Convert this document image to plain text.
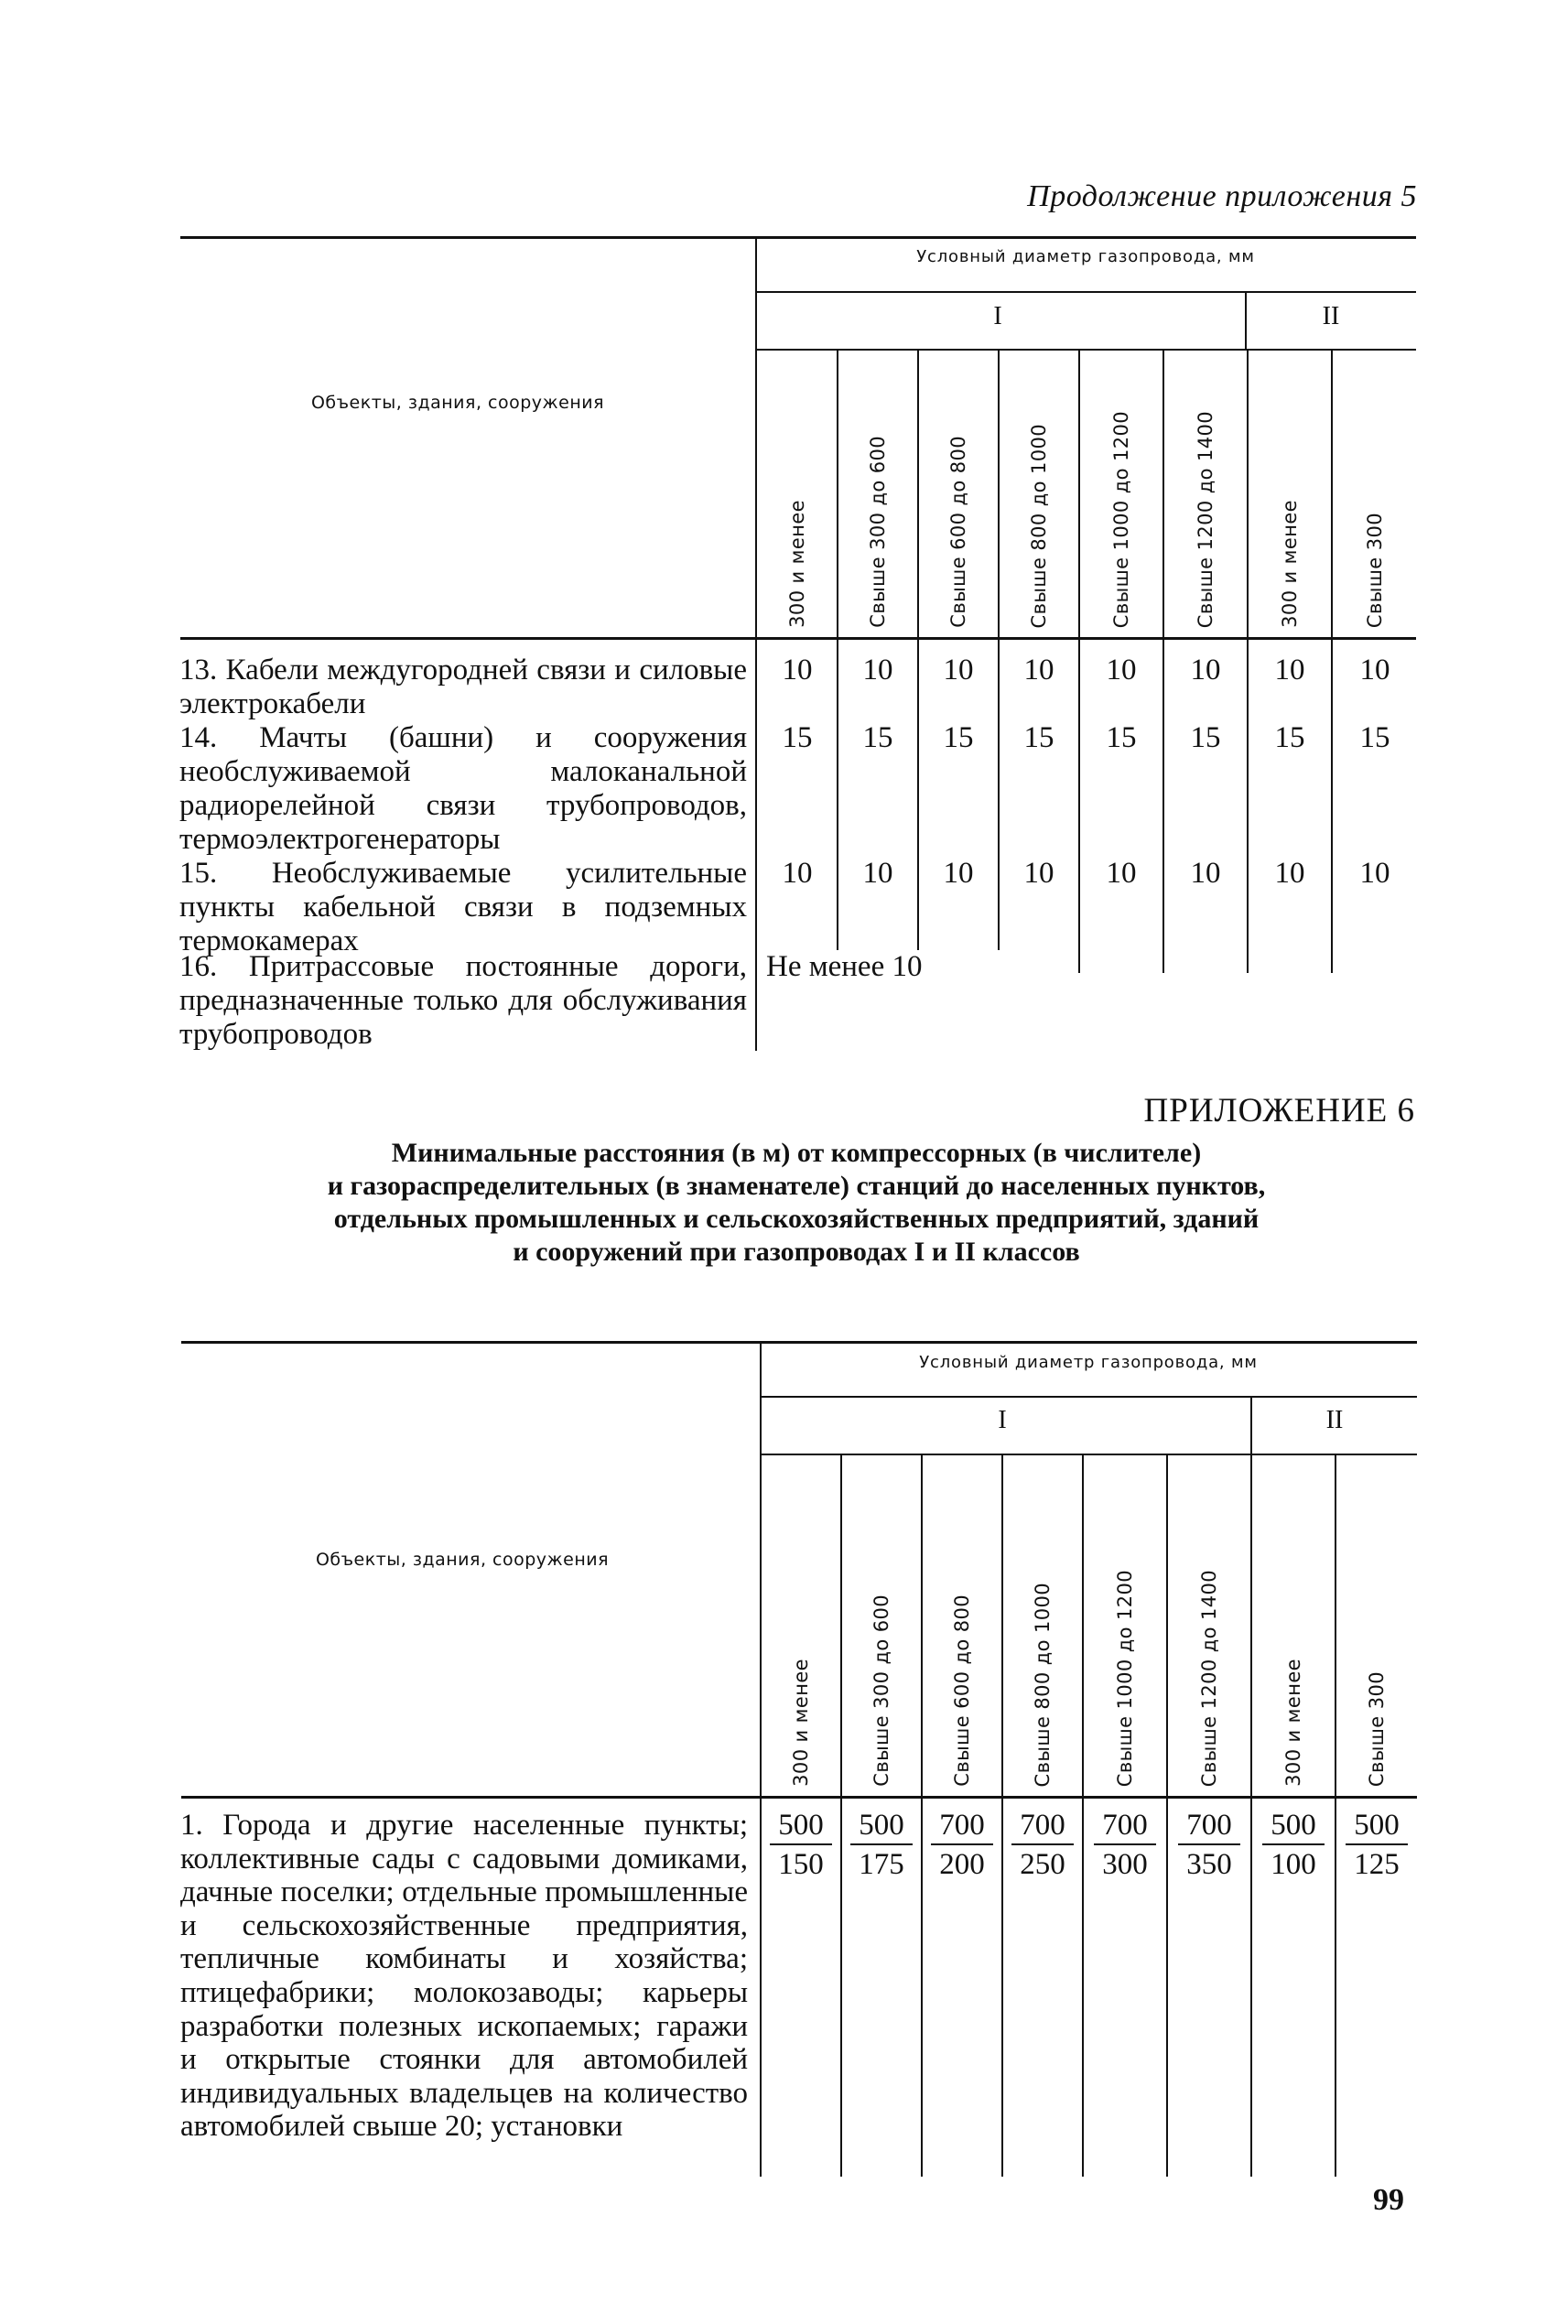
Продолжение приложения 5
Условный диаметр газопровода, мм
I	II
Объекты, здания, сооружения
300 и менее	Свыше 300 до 600	Свыше 600 до 800	Свыше 800 до 1000	Свыше 1000 до 1200	Свыше 1200 до 1400	300 и менее	Свыше 300
13. Кабели междугородней связи и силовые электрокабели
10	10	10	10	10	10	10	10
14. Мачты (башни) и сооружения необслуживаемой малоканальной радиорелейной связи трубопроводов, термоэлектрогенераторы
15	15	15	15	15	15	15	15
15. Необслуживаемые усилительные пункты кабельной связи в подземных термокамерах
10	10	10	10	10	10	10	10
16. Притрассовые постоянные дороги, предназначенные только для обслуживания трубопроводов
Не менее 10
ПРИЛОЖЕНИЕ 6
Минимальные расстояния (в м) от компрессорных (в числителе)
и газораспределительных (в знаменателе) станций до населенных пунктов,
отдельных промышленных и сельскохозяйственных предприятий, зданий
и сооружений при газопроводах I и II классов
Условный диаметр газопровода, мм
I	II
Объекты, здания, сооружения
300 и менее	Свыше 300 до 600	Свыше 600 до 800	Свыше 800 до 1000	Свыше 1000 до 1200	Свыше 1200 до 1400	300 и менее	Свыше 300
1. Города и другие населенные пункты; коллективные сады с садовыми домиками, дачные поселки; отдельные промышленные и сельскохозяйственные предприятия, тепличные комбинаты и хозяйства; птицефабрики; молокозаводы; карьеры разработки полезных ископаемых; гаражи и открытые стоянки для автомобилей индивидуальных владельцев на количество автомобилей свыше 20; установки
$\frac{500}{150} \frac{500}{175} \frac{700}{200} \frac{700}{250} \frac{700}{300} \frac{700}{350} \frac{500}{100} \frac{500}{125}$
99
